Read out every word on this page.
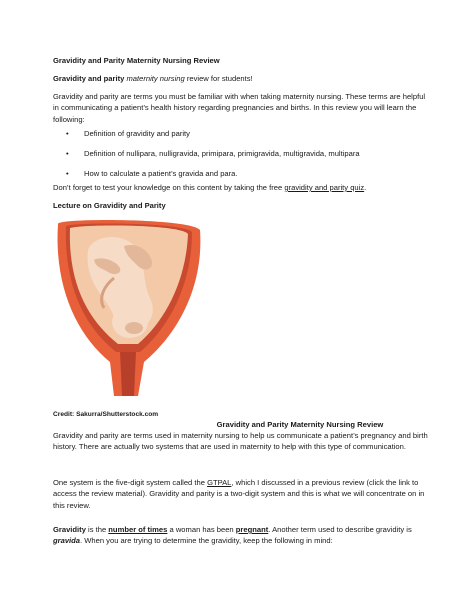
Gravidity and Parity Maternity Nursing Review

Gravidity and parity maternity nursing review for students!

Gravidity and parity are terms you must be familiar with when taking maternity nursing. These terms are helpful in communicating a patient’s health history regarding pregnancies and births. In this review you will learn the following:

• Definition of gravidity and parity
• Definition of nullipara, nulligravida, primipara, primigravida, multigravida, multipara
• How to calculate a patient’s gravida and para.

Don’t forget to test your knowledge on this content by taking the free gravidity and parity quiz.

Lecture on Gravidity and Parity

Credit: Sakurra/Shutterstock.com

Gravidity and Parity Maternity Nursing Review

Gravidity and parity are terms used in maternity nursing to help us communicate a patient’s pregnancy and birth history. There are actually two systems that are used in maternity to help with this type of communication.

One system is the five-digit system called the GTPAL, which I discussed in a previous review (click the link to access the review material). Gravidity and parity is a two-digit system and this is what we will concentrate on in this review.

Gravidity is the number of times a woman has been pregnant. Another term used to describe gravidity is gravida. When you are trying to determine the gravidity, keep the following in mind:
